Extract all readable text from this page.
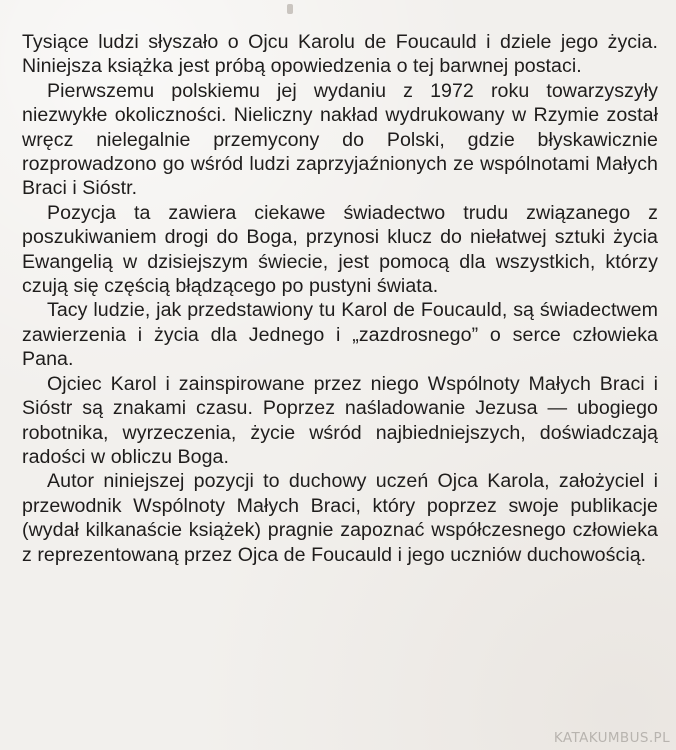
Tysiące ludzi słyszało o Ojcu Karolu de Foucauld i dziele jego życia. Niniejsza książka jest próbą opowiedzenia o tej barwnej postaci.

Pierwszemu polskiemu jej wydaniu z 1972 roku towarzyszyły niezwykłe okoliczności. Nieliczny nakład wydrukowany w Rzymie został wręcz nielegalnie przemycony do Polski, gdzie błyskawicznie rozprowadzono go wśród ludzi zaprzyjaźnionych ze wspólnotami Małych Braci i Sióstr.

Pozycja ta zawiera ciekawe świadectwo trudu związanego z poszukiwaniem drogi do Boga, przynosi klucz do niełatwej sztuki życia Ewangelią w dzisiejszym świecie, jest pomocą dla wszystkich, którzy czują się częścią błądzącego po pustyni świata.

Tacy ludzie, jak przedstawiony tu Karol de Foucauld, są świadectwem zawierzenia i życia dla Jednego i „zazdrosnego” o serce człowieka Pana.

Ojciec Karol i zainspirowane przez niego Wspólnoty Małych Braci i Sióstr są znakami czasu. Poprzez naśladowanie Jezusa — ubogiego robotnika, wyrzeczenia, życie wśród najbiedniejszych, doświadczają radości w obliczu Boga.

Autor niniejszej pozycji to duchowy uczeń Ojca Karola, założyciel i przewodnik Wspólnoty Małych Braci, który poprzez swoje publikacje (wydał kilkanaście książek) pragnie zapoznać współczesnego człowieka z reprezentowaną przez Ojca de Foucauld i jego uczniów duchowością.

KATAKUMBUS.PL
